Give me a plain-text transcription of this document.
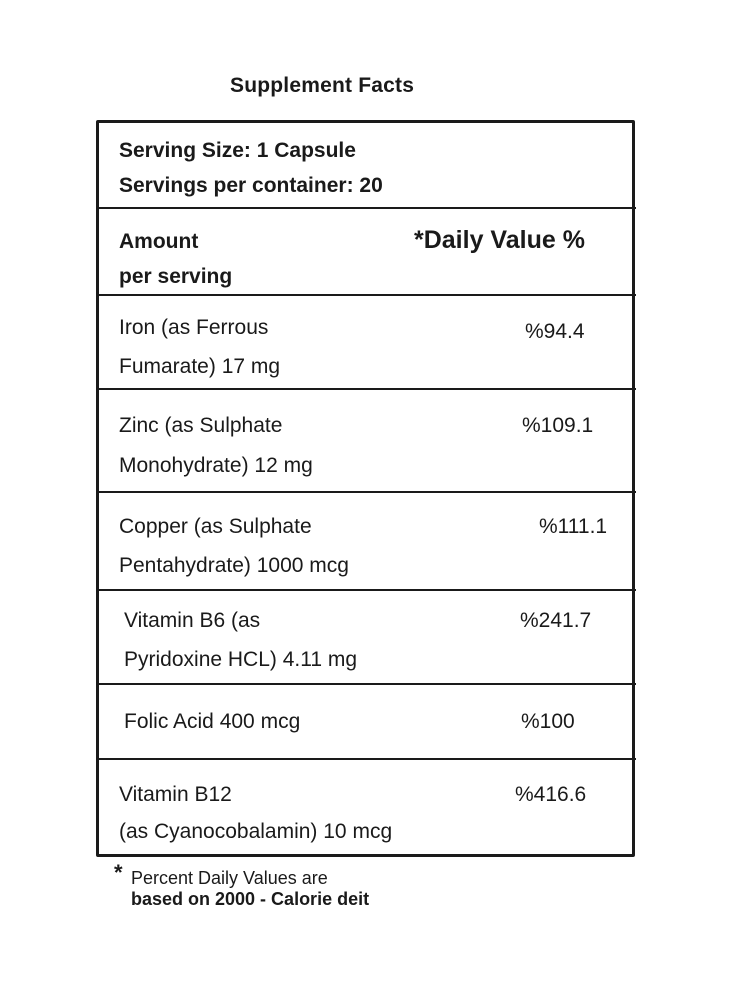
Supplement Facts
Serving Size: 1 Capsule
Servings per container: 20
Amount
per serving
*Daily Value %
Iron (as Ferrous
Fumarate) 17 mg
%94.4
Zinc (as Sulphate
Monohydrate) 12 mg
%109.1
Copper (as Sulphate
Pentahydrate) 1000 mcg
%111.1
Vitamin B6 (as
Pyridoxine HCL) 4.11 mg
%241.7
Folic Acid 400 mcg	%100
Vitamin B12
(as Cyanocobalamin) 10 mcg
%416.6
* Percent Daily Values are
based on 2000 - Calorie deit
